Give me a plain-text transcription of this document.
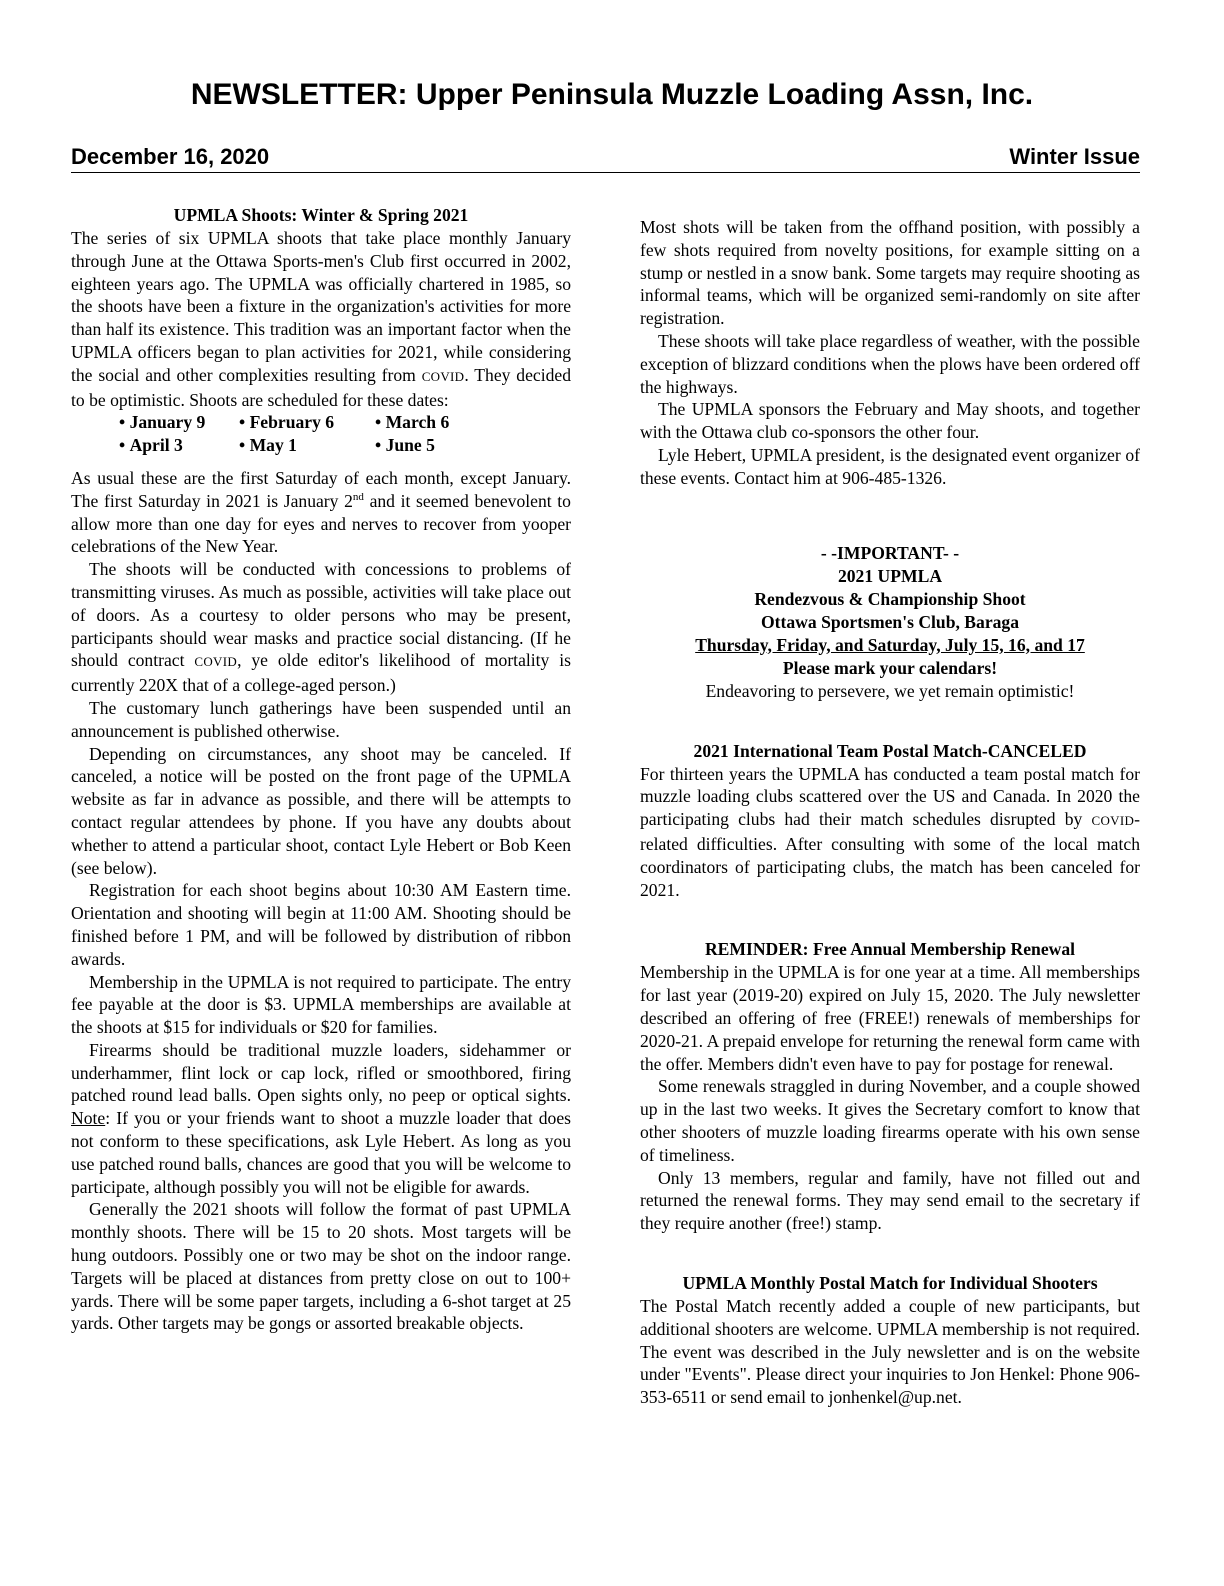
NEWSLETTER: Upper Peninsula Muzzle Loading Assn, Inc.
December 16, 2020	Winter Issue

UPMLA Shoots: Winter & Spring 2021

The series of six UPMLA shoots that take place monthly January through June at the Ottawa Sports-men's Club first occurred in 2002, eighteen years ago. The UPMLA was officially chartered in 1985, so the shoots have been a fixture in the organization's activities for more than half its existence. This tradition was an important factor when the UPMLA officers began to plan activities for 2021, while considering the social and other complexities resulting from COVID. They decided to be optimistic. Shoots are scheduled for these dates:

• January 9	• February 6	• March 6
• April 3	• May 1	• June 5

As usual these are the first Saturday of each month, except January. The first Saturday in 2021 is January 2nd and it seemed benevolent to allow more than one day for eyes and nerves to recover from yooper celebrations of the New Year.

The shoots will be conducted with concessions to problems of transmitting viruses. As much as possible, activities will take place out of doors. As a courtesy to older persons who may be present, participants should wear masks and practice social distancing. (If he should contract COVID, ye olde editor's likelihood of mortality is currently 220X that of a college-aged person.)

The customary lunch gatherings have been suspended until an announcement is published otherwise.

Depending on circumstances, any shoot may be canceled. If canceled, a notice will be posted on the front page of the UPMLA website as far in advance as possible, and there will be attempts to contact regular attendees by phone. If you have any doubts about whether to attend a particular shoot, contact Lyle Hebert or Bob Keen (see below).

Registration for each shoot begins about 10:30 AM Eastern time. Orientation and shooting will begin at 11:00 AM. Shooting should be finished before 1 PM, and will be followed by distribution of ribbon awards.

Membership in the UPMLA is not required to participate. The entry fee payable at the door is $3. UPMLA memberships are available at the shoots at $15 for individuals or $20 for families.

Firearms should be traditional muzzle loaders, sidehammer or underhammer, flint lock or cap lock, rifled or smoothbored, firing patched round lead balls. Open sights only, no peep or optical sights. Note: If you or your friends want to shoot a muzzle loader that does not conform to these specifications, ask Lyle Hebert. As long as you use patched round balls, chances are good that you will be welcome to participate, although possibly you will not be eligible for awards.

Generally the 2021 shoots will follow the format of past UPMLA monthly shoots. There will be 15 to 20 shots. Most targets will be hung outdoors. Possibly one or two may be shot on the indoor range. Targets will be placed at distances from pretty close on out to 100+ yards. There will be some paper targets, including a 6-shot target at 25 yards. Other targets may be gongs or assorted breakable objects.

Most shots will be taken from the offhand position, with possibly a few shots required from novelty positions, for example sitting on a stump or nestled in a snow bank. Some targets may require shooting as informal teams, which will be organized semi-randomly on site after registration.

These shoots will take place regardless of weather, with the possible exception of blizzard conditions when the plows have been ordered off the highways.

The UPMLA sponsors the February and May shoots, and together with the Ottawa club co-sponsors the other four.

Lyle Hebert, UPMLA president, is the designated event organizer of these events. Contact him at 906-485-1326.

- -IMPORTANT- -
2021 UPMLA
Rendezvous & Championship Shoot
Ottawa Sportsmen's Club, Baraga
Thursday, Friday, and Saturday, July 15, 16, and 17
Please mark your calendars!
Endeavoring to persevere, we yet remain optimistic!

2021 International Team Postal Match-CANCELED

For thirteen years the UPMLA has conducted a team postal match for muzzle loading clubs scattered over the US and Canada. In 2020 the participating clubs had their match schedules disrupted by COVID-related difficulties. After consulting with some of the local match coordinators of participating clubs, the match has been canceled for 2021.

REMINDER: Free Annual Membership Renewal

Membership in the UPMLA is for one year at a time. All memberships for last year (2019-20) expired on July 15, 2020. The July newsletter described an offering of free (FREE!) renewals of memberships for 2020-21. A prepaid envelope for returning the renewal form came with the offer. Members didn't even have to pay for postage for renewal.

Some renewals straggled in during November, and a couple showed up in the last two weeks. It gives the Secretary comfort to know that other shooters of muzzle loading firearms operate with his own sense of timeliness.

Only 13 members, regular and family, have not filled out and returned the renewal forms. They may send email to the secretary if they require another (free!) stamp.

UPMLA Monthly Postal Match for Individual Shooters

The Postal Match recently added a couple of new participants, but additional shooters are welcome. UPMLA membership is not required. The event was described in the July newsletter and is on the website under "Events". Please direct your inquiries to Jon Henkel: Phone 906-353-6511 or send email to jonhenkel@up.net.
